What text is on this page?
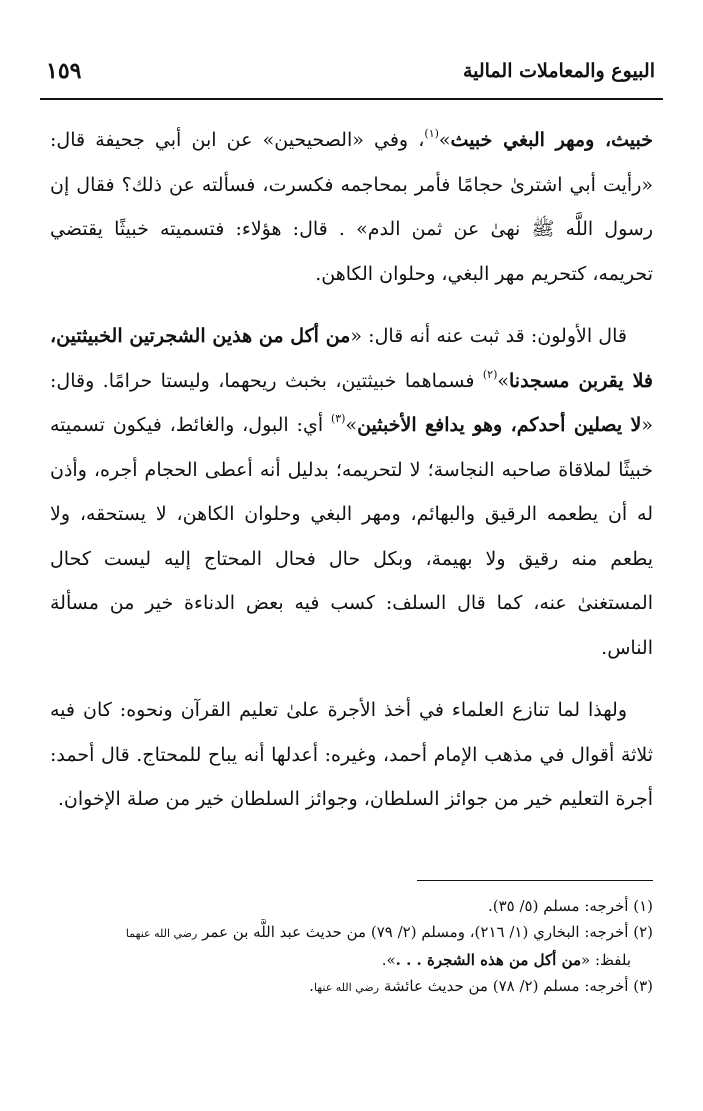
البيوع والمعاملات المالية
١٥٩

خبيث، ومهر البغي خبيث»$^{(١)}$، وفي «الصحيحين» عن ابن أبي جحيفة قال: «رأيت أبي اشترىٰ حجامًا فأمر بمحاجمه فكسرت، فسألته عن ذلك؟ فقال إن رسول اللَّه ﷺ نهىٰ عن ثمن الدم» . قال: هؤلاء: فتسميته خبيثًا يقتضي تحريمه، كتحريم مهر البغي، وحلوان الكاهن.

قال الأولون: قد ثبت عنه أنه قال: «من أكل من هذين الشجرتين الخبيثتين، فلا يقربن مسجدنا»$^{(٢)}$ فسماهما خبيثتين، بخبث ريحهما، وليستا حرامًا. وقال: «لا يصلين أحدكم، وهو يدافع الأخبثين»$^{(٣)}$ أي: البول، والغائط، فيكون تسميته خبيثًا لملاقاة صاحبه النجاسة؛ لا لتحريمه؛ بدليل أنه أعطى الحجام أجره، وأذن له أن يطعمه الرقيق والبهائم، ومهر البغي وحلوان الكاهن، لا يستحقه، ولا يطعم منه رقيق ولا بهيمة، وبكل حال فحال المحتاج إليه ليست كحال المستغنىٰ عنه، كما قال السلف: كسب فيه بعض الدناءة خير من مسألة الناس.

ولهذا لما تنازع العلماء في أخذ الأجرة علىٰ تعليم القرآن ونحوه: كان فيه ثلاثة أقوال في مذهب الإمام أحمد، وغيره: أعدلها أنه يباح للمحتاج. قال أحمد: أجرة التعليم خير من جوائز السلطان، وجوائز السلطان خير من صلة الإخوان.

(١) أخرجه: مسلم (٥/ ٣٥).
(٢) أخرجه: البخاري (١/ ٢١٦)، ومسلم (٢/ ٧٩) من حديث عبد اللَّه بن عمر رضي الله عنهما
بلفظ: «من أكل من هذه الشجرة . . .».
(٣) أخرجه: مسلم (٢/ ٧٨) من حديث عائشة رضي الله عنها.
